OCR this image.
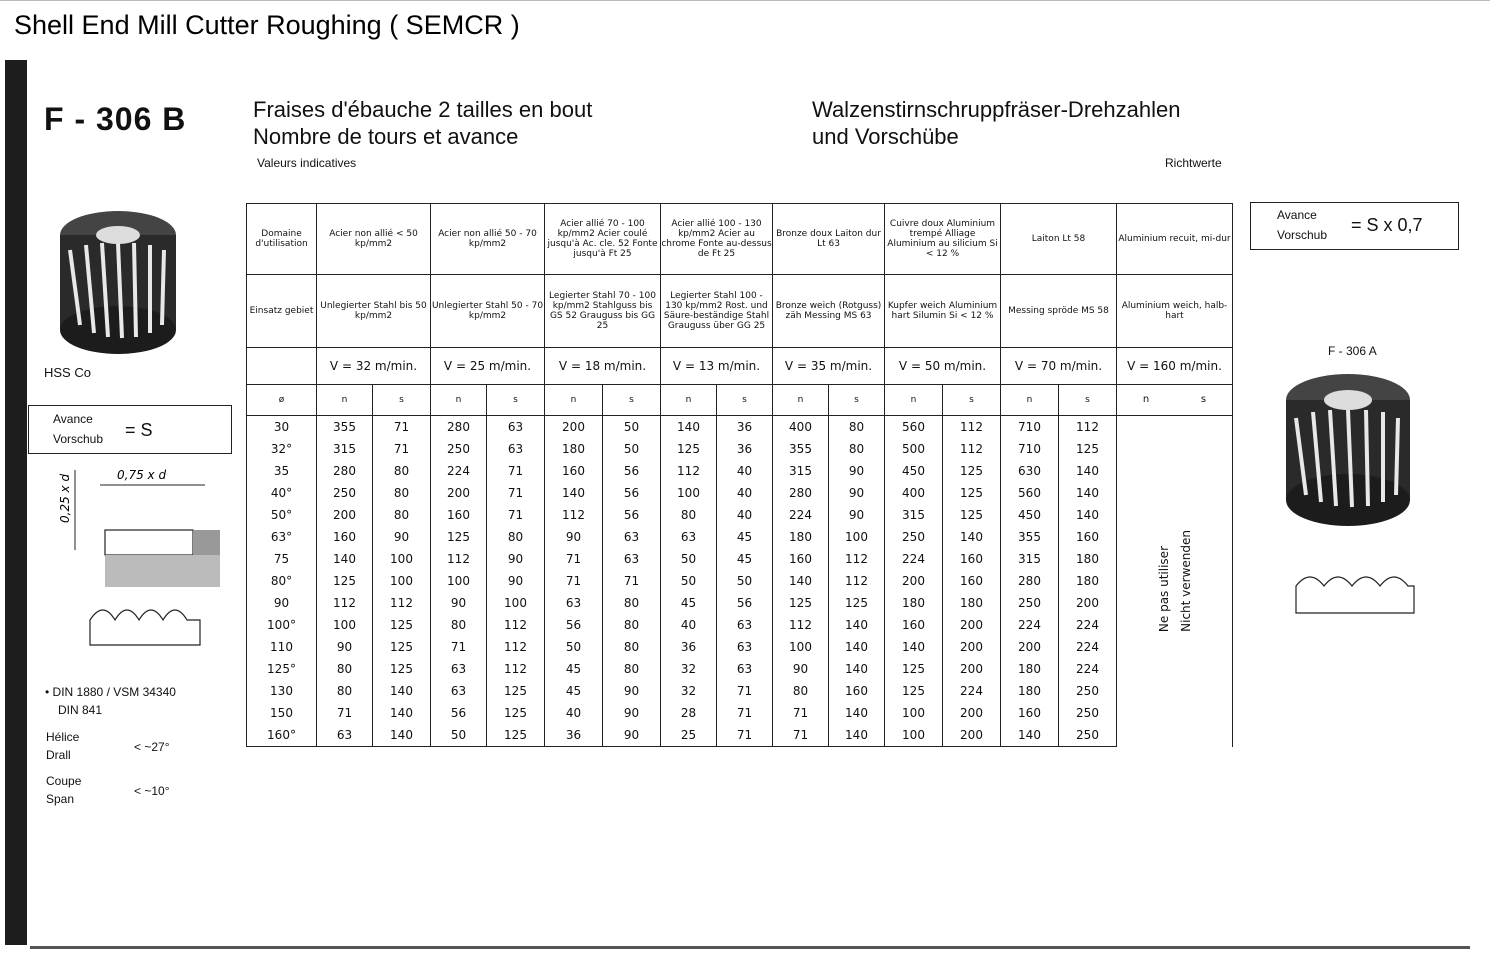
Shell End Mill Cutter Roughing ( SEMCR )
F - 306 B	Fraises d'ébauche 2 tailles en bout
Nombre de tours et avance
Valeurs indicatives
Walzenstirnschruppfräser-Drehzahlen
und Vorschübe
Richtwerte
HSS Co
Avance
Vorschub = S
0,75 x d
0,25 x d
• DIN 1880 / VSM 34340
DIN 841
Hélice
Drall
< ~27°
Coupe
Span
< ~10°
Avance
Vorschub = S x 0,7
F - 306 A
Domaine d'utilisation	Acier non allié < 50 kp/mm2		Acier non allié 50 - 70 kp/mm2		Acier allié 70 - 100 kp/mm2 Acier coulé jusqu'à Ac. cle. 52 Fonte jusqu'à Ft 25		Acier allié 100 - 130 kp/mm2 Acier au chrome Fonte au-dessus de Ft 25		Bronze doux Laiton dur Lt 63		Cuivre doux Aluminium trempé Alliage Aluminium au silicium Si < 12 %		Laiton Lt 58		Aluminium recuit, mi-dur
Einsatz gebiet	Unlegierter Stahl bis 50 kp/mm2		Unlegierter Stahl 50 - 70 kp/mm2		Legierter Stahl 70 - 100 kp/mm2 Stahlguss bis GS 52 Grauguss bis GG 25		Legierter Stahl 100 - 130 kp/mm2 Rost. und Säure-beständige Stahl Grauguss über GG 25		Bronze weich (Rotguss) zäh Messing MS 63		Kupfer weich Aluminium hart Silumin Si < 12 %		Messing spröde MS 58		Aluminium weich, halb-hart
	V = 32 m/min.		V = 25 m/min.		V = 18 m/min.		V = 13 m/min.		V = 35 m/min.		V = 50 m/min.		V = 70 m/min.		V = 160 m/min.
ø	n	s	n	s	n	s	n	s	n	s	n	s	n	s	n s

30	355	71	280	63	200	50	140	36	400	80	560	112	710	112	Ne pas utiliser Nicht verwenden
32°	315	71	250	63	180	50	125	36	355	80	500	112	710	125	
35	280	80	224	71	160	56	112	40	315	90	450	125	630	140	
40°	250	80	200	71	140	56	100	40	280	90	400	125	560	140	
50°	200	80	160	71	112	56	80	40	224	90	315	125	450	140	
63°	160	90	125	80	90	63	63	45	180	100	250	140	355	160	
75	140	100	112	90	71	63	50	45	160	112	224	160	315	180	
80°	125	100	100	90	71	71	50	50	140	112	200	160	280	180	
90	112	112	90	100	63	80	45	56	125	125	180	180	250	200	
100°	100	125	80	112	56	80	40	63	112	140	160	200	224	224	
110	90	125	71	112	50	80	36	63	100	140	140	200	200	224	
125°	80	125	63	112	45	80	32	63	90	140	125	200	180	224	
130	80	140	63	125	45	90	32	71	80	160	125	224	180	250	
150	71	140	56	125	40	90	28	71	71	140	100	200	160	250	
160°	63	140	50	125	36	90	25	71	71	140	100	200	140	250	
